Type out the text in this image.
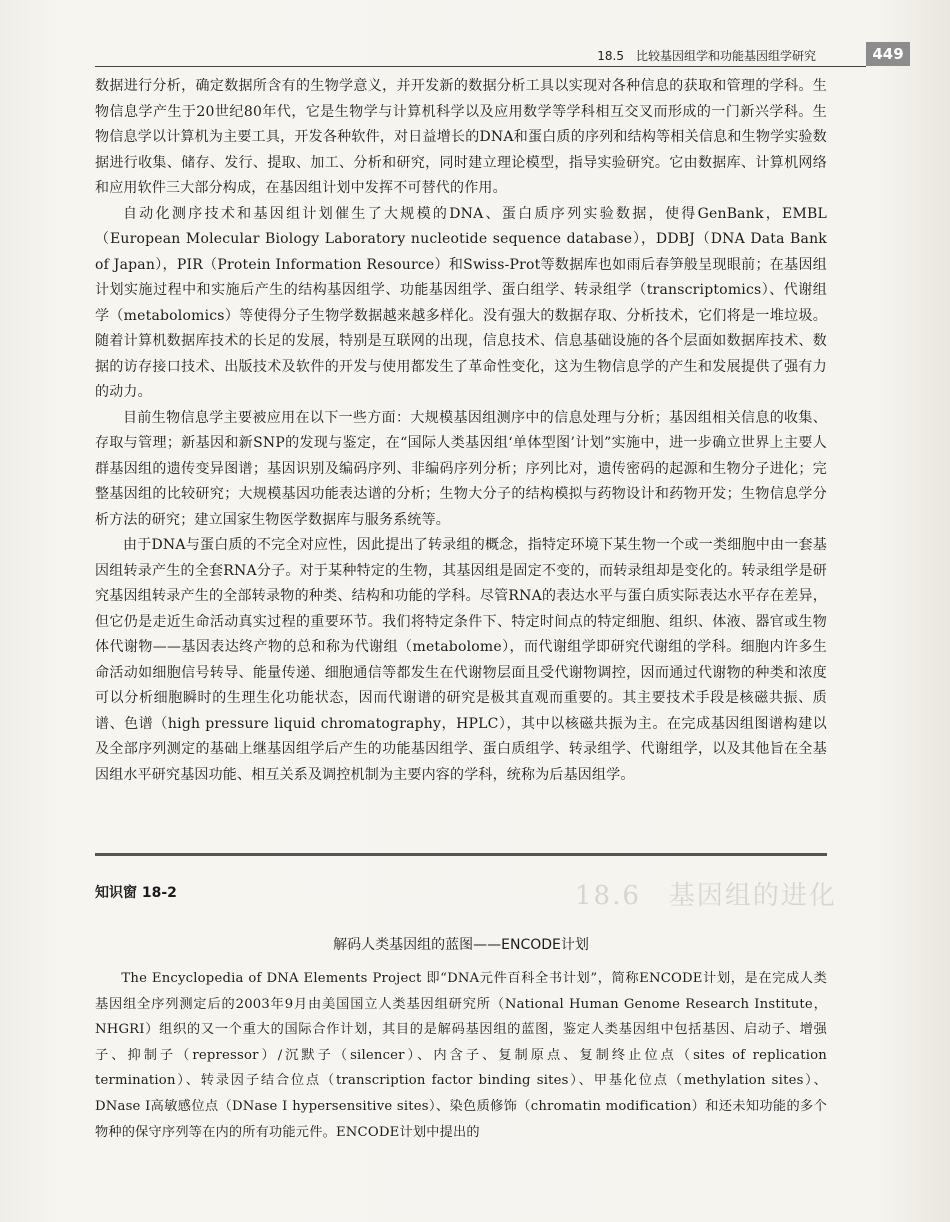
18.5　比较基因组学和功能基因组学研究	449

数据进行分析，确定数据所含有的生物学意义，并开发新的数据分析工具以实现对各种信息的获取和管理的学科。生物信息学产生于20世纪80年代，它是生物学与计算机科学以及应用数学等学科相互交叉而形成的一门新兴学科。生物信息学以计算机为主要工具，开发各种软件，对日益增长的DNA和蛋白质的序列和结构等相关信息和生物学实验数据进行收集、储存、发行、提取、加工、分析和研究，同时建立理论模型，指导实验研究。它由数据库、计算机网络和应用软件三大部分构成，在基因组计划中发挥不可替代的作用。

自动化测序技术和基因组计划催生了大规模的DNA、蛋白质序列实验数据，使得GenBank，EMBL（European Molecular Biology Laboratory nucleotide sequence database），DDBJ（DNA Data Bank of Japan），PIR（Protein Information Resource）和Swiss-Prot等数据库也如雨后春笋般呈现眼前；在基因组计划实施过程中和实施后产生的结构基因组学、功能基因组学、蛋白组学、转录组学（transcriptomics）、代谢组学（metabolomics）等使得分子生物学数据越来越多样化。没有强大的数据存取、分析技术，它们将是一堆垃圾。随着计算机数据库技术的长足的发展，特别是互联网的出现，信息技术、信息基础设施的各个层面如数据库技术、数据的访存接口技术、出版技术及软件的开发与使用都发生了革命性变化，这为生物信息学的产生和发展提供了强有力的动力。

目前生物信息学主要被应用在以下一些方面：大规模基因组测序中的信息处理与分析；基因组相关信息的收集、存取与管理；新基因和新SNP的发现与鉴定，在“国际人类基因组‘单体型图’计划”实施中，进一步确立世界上主要人群基因组的遗传变异图谱；基因识别及编码序列、非编码序列分析；序列比对，遗传密码的起源和生物分子进化；完整基因组的比较研究；大规模基因功能表达谱的分析；生物大分子的结构模拟与药物设计和药物开发；生物信息学分析方法的研究；建立国家生物医学数据库与服务系统等。

由于DNA与蛋白质的不完全对应性，因此提出了转录组的概念，指特定环境下某生物一个或一类细胞中由一套基因组转录产生的全套RNA分子。对于某种特定的生物，其基因组是固定不变的，而转录组却是变化的。转录组学是研究基因组转录产生的全部转录物的种类、结构和功能的学科。尽管RNA的表达水平与蛋白质实际表达水平存在差异，但它仍是走近生命活动真实过程的重要环节。我们将特定条件下、特定时间点的特定细胞、组织、体液、器官或生物体代谢物——基因表达终产物的总和称为代谢组（metabolome），而代谢组学即研究代谢组的学科。细胞内许多生命活动如细胞信号转导、能量传递、细胞通信等都发生在代谢物层面且受代谢物调控，因而通过代谢物的种类和浓度可以分析细胞瞬时的生理生化功能状态，因而代谢谱的研究是极其直观而重要的。其主要技术手段是核磁共振、质谱、色谱（high pressure liquid chromatography，HPLC），其中以核磁共振为主。在完成基因组图谱构建以及全部序列测定的基础上继基因组学后产生的功能基因组学、蛋白质组学、转录组学、代谢组学，以及其他旨在全基因组水平研究基因功能、相互关系及调控机制为主要内容的学科，统称为后基因组学。

18.6　基因组的进化
知识窗 18-2
解码人类基因组的蓝图——ENCODE计划

The Encyclopedia of DNA Elements Project 即“DNA元件百科全书计划”，简称ENCODE计划，是在完成人类基因组全序列测定后的2003年9月由美国国立人类基因组研究所（National Human Genome Research Institute，NHGRI）组织的又一个重大的国际合作计划，其目的是解码基因组的蓝图，鉴定人类基因组中包括基因、启动子、增强子、抑制子（repressor）/沉默子（silencer）、内含子、复制原点、复制终止位点（sites of replication termination）、转录因子结合位点（transcription factor binding sites）、甲基化位点（methylation sites）、DNase Ⅰ高敏感位点（DNase Ⅰ hypersensitive sites）、染色质修饰（chromatin modification）和还未知功能的多个物种的保守序列等在内的所有功能元件。ENCODE计划中提出的
